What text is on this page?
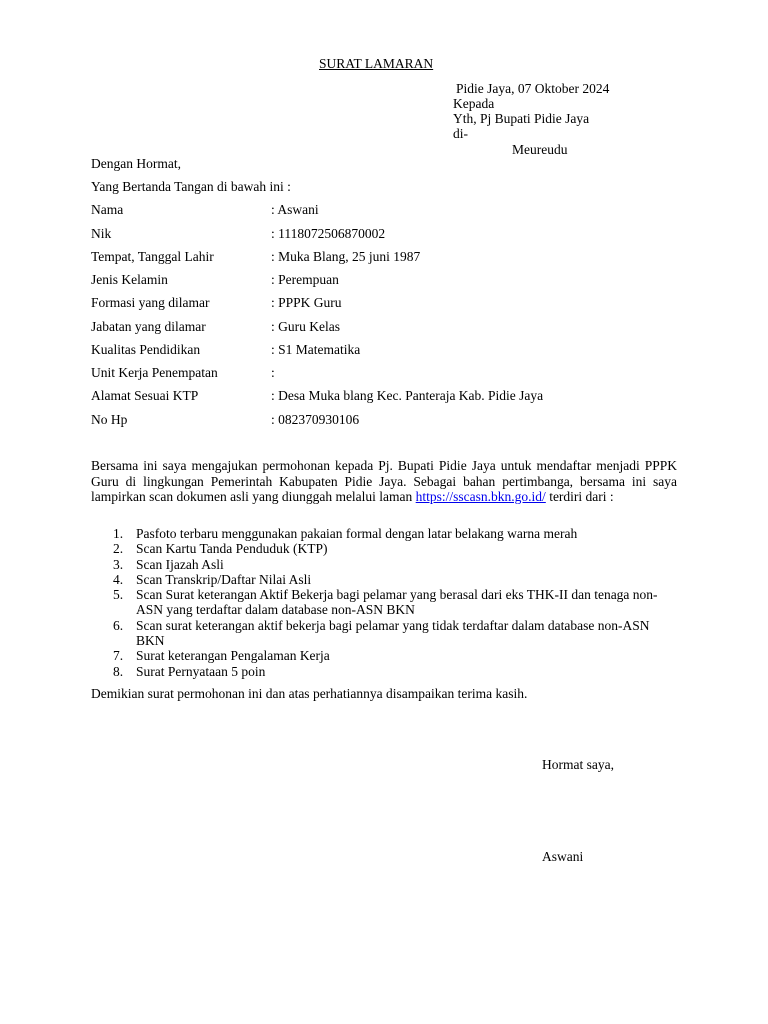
SURAT LAMARAN
Pidie Jaya, 07 Oktober 2024
Kepada
Yth, Pj Bupati Pidie Jaya
di-
Meureudu
Dengan Hormat,
Yang Bertanda Tangan di bawah ini :
Nama	: Aswani
Nik	: 1118072506870002
Tempat, Tanggal Lahir	: Muka Blang, 25 juni 1987
Jenis Kelamin	: Perempuan
Formasi yang dilamar	: PPPK Guru
Jabatan yang dilamar	: Guru Kelas
Kualitas Pendidikan	: S1 Matematika
Unit Kerja Penempatan	:
Alamat Sesuai KTP	: Desa Muka blang Kec. Panteraja Kab. Pidie Jaya
No Hp	: 082370930106
Bersama ini saya mengajukan permohonan kepada Pj. Bupati Pidie Jaya untuk mendaftar menjadi PPPK Guru di lingkungan Pemerintah Kabupaten Pidie Jaya. Sebagai bahan pertimbanga, bersama ini saya lampirkan scan dokumen asli yang diunggah melalui laman https://sscasn.bkn.go.id/ terdiri dari :
1. Pasfoto terbaru menggunakan pakaian formal dengan latar belakang warna merah
2. Scan Kartu Tanda Penduduk (KTP)
3. Scan Ijazah Asli
4. Scan Transkrip/Daftar Nilai Asli
5. Scan Surat keterangan Aktif Bekerja bagi pelamar yang berasal dari eks THK-II dan tenaga non-ASN yang terdaftar dalam database non-ASN BKN
6. Scan surat keterangan aktif bekerja bagi pelamar yang tidak terdaftar dalam database non-ASN BKN
7. Surat keterangan Pengalaman Kerja
8. Surat Pernyataan 5 poin
Demikian surat permohonan ini dan atas perhatiannya disampaikan terima kasih.
Hormat saya,
Aswani
